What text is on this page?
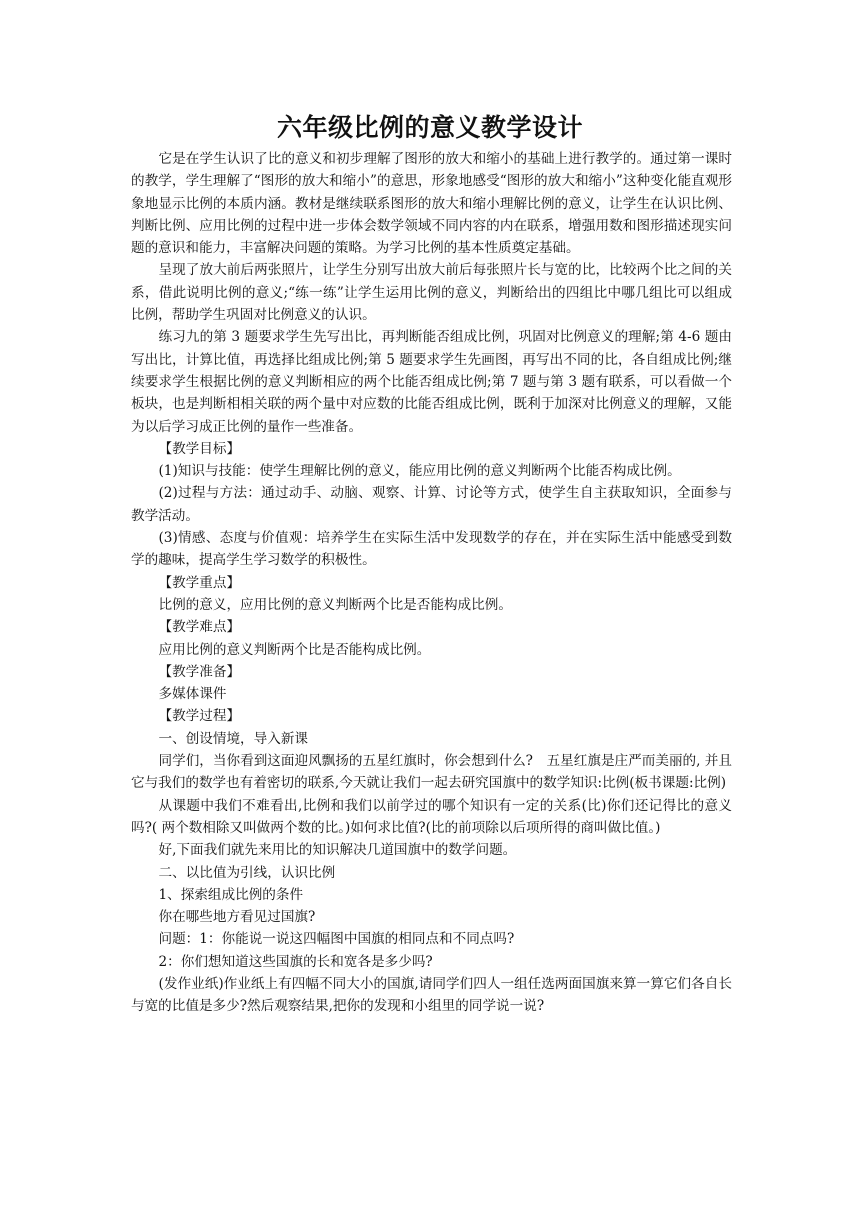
六年级比例的意义教学设计

它是在学生认识了比的意义和初步理解了图形的放大和缩小的基础上进行教学的。通过第一课时的教学，学生理解了“图形的放大和缩小”的意思，形象地感受“图形的放大和缩小”这种变化能直观形象地显示比例的本质内涵。教材是继续联系图形的放大和缩小理解比例的意义，让学生在认识比例、判断比例、应用比例的过程中进一步体会数学领域不同内容的内在联系，增强用数和图形描述现实问题的意识和能力，丰富解决问题的策略。为学习比例的基本性质奠定基础。

呈现了放大前后两张照片，让学生分别写出放大前后每张照片长与宽的比，比较两个比之间的关系，借此说明比例的意义;“练一练”让学生运用比例的意义，判断给出的四组比中哪几组比可以组成比例，帮助学生巩固对比例意义的认识。

练习九的第 3 题要求学生先写出比，再判断能否组成比例，巩固对比例意义的理解;第 4-6 题由写出比，计算比值，再选择比组成比例;第 5 题要求学生先画图，再写出不同的比，各自组成比例;继续要求学生根据比例的意义判断相应的两个比能否组成比例;第 7 题与第 3 题有联系，可以看做一个板块，也是判断相相关联的两个量中对应数的比能否组成比例，既利于加深对比例意义的理解，又能为以后学习成正比例的量作一些准备。

【教学目标】

(1)知识与技能：使学生理解比例的意义，能应用比例的意义判断两个比能否构成比例。

(2)过程与方法：通过动手、动脑、观察、计算、讨论等方式，使学生自主获取知识，全面参与教学活动。

(3)情感、态度与价值观：培养学生在实际生活中发现数学的存在，并在实际生活中能感受到数学的趣味，提高学生学习数学的积极性。

【教学重点】

比例的意义，应用比例的意义判断两个比是否能构成比例。

【教学难点】

应用比例的意义判断两个比是否能构成比例。

【教学准备】

多媒体课件

【教学过程】

一、创设情境，导入新课

同学们，当你看到这面迎风飘扬的五星红旗时，你会想到什么?　五星红旗是庄严而美丽的, 并且它与我们的数学也有着密切的联系,今天就让我们一起去研究国旗中的数学知识:比例(板书课题:比例)

从课题中我们不难看出,比例和我们以前学过的哪个知识有一定的关系(比)你们还记得比的意义吗?( 两个数相除又叫做两个数的比。)如何求比值?(比的前项除以后项所得的商叫做比值。)

好,下面我们就先来用比的知识解决几道国旗中的数学问题。

二、以比值为引线，认识比例

1、探索组成比例的条件

你在哪些地方看见过国旗?

问题：1：你能说一说这四幅图中国旗的相同点和不同点吗?

2：你们想知道这些国旗的长和宽各是多少吗?

(发作业纸)作业纸上有四幅不同大小的国旗,请同学们四人一组任选两面国旗来算一算它们各自长与宽的比值是多少?然后观察结果,把你的发现和小组里的同学说一说?
